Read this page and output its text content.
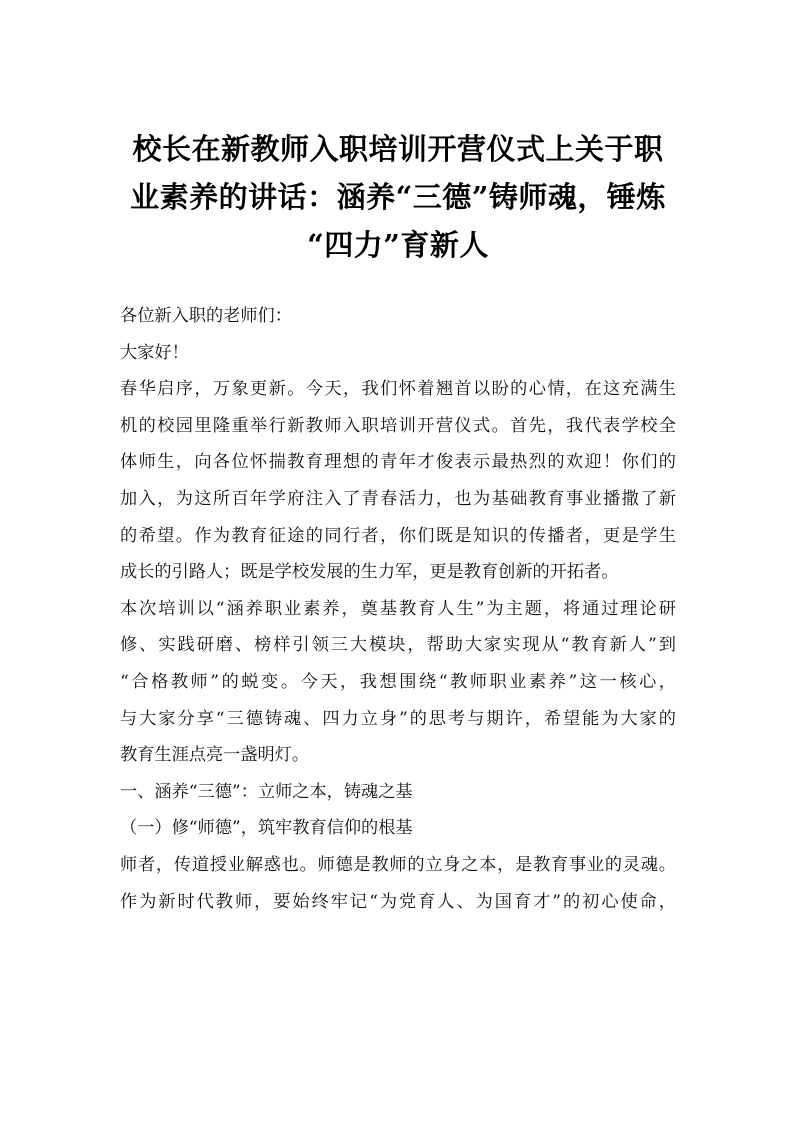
校长在新教师入职培训开营仪式上关于职
业素养的讲话：涵养“三德”铸师魂，锤炼
“四力”育新人
各位新入职的老师们：
大家好！
春华启序，万象更新。今天，我们怀着翘首以盼的心情，在这充满生
机的校园里隆重举行新教师入职培训开营仪式。首先，我代表学校全
体师生，向各位怀揣教育理想的青年才俊表示最热烈的欢迎！你们的
加入，为这所百年学府注入了青春活力，也为基础教育事业播撒了新
的希望。作为教育征途的同行者，你们既是知识的传播者，更是学生
成长的引路人；既是学校发展的生力军，更是教育创新的开拓者。
本次培训以“涵养职业素养，奠基教育人生”为主题，将通过理论研
修、实践研磨、榜样引领三大模块，帮助大家实现从“教育新人”到
“合格教师”的蜕变。今天，我想围绕“教师职业素养”这一核心，
与大家分享“三德铸魂、四力立身”的思考与期许，希望能为大家的
教育生涯点亮一盏明灯。
一、涵养“三德”：立师之本，铸魂之基
（一）修“师德”，筑牢教育信仰的根基
师者，传道授业解惑也。师德是教师的立身之本，是教育事业的灵魂。
作为新时代教师，要始终牢记“为党育人、为国育才”的初心使命，
